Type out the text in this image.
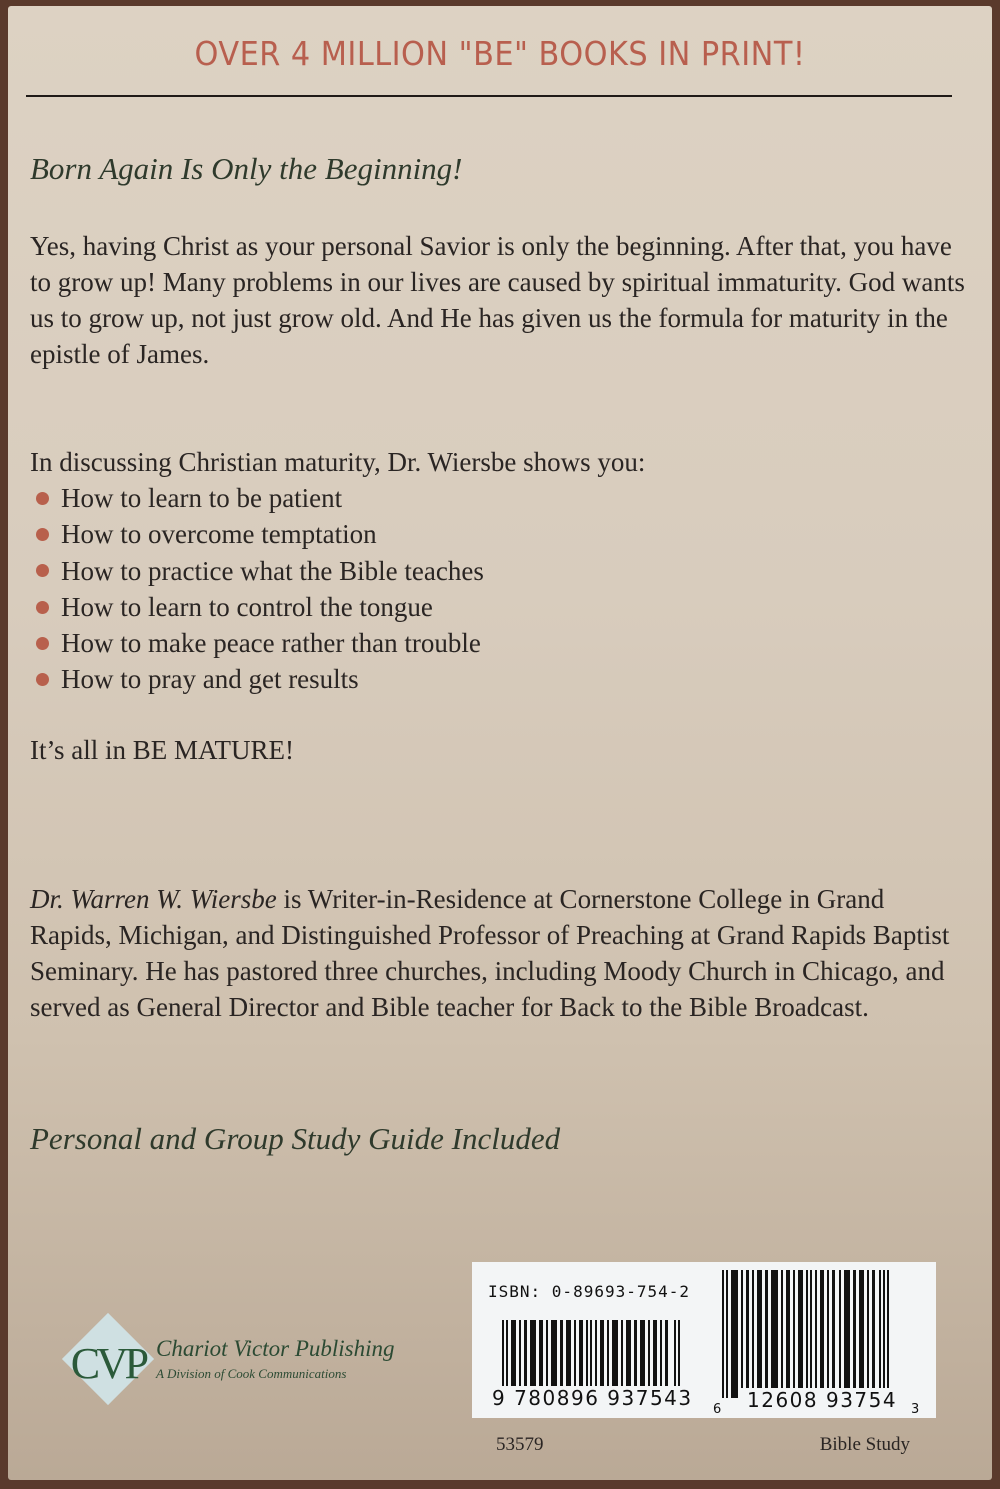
OVER 4 MILLION "BE" BOOKS IN PRINT!
Born Again Is Only the Beginning!

Yes, having Christ as your personal Savior is only the beginning. After that, you have to grow up! Many problems in our lives are caused by spiritual immaturity. God wants us to grow up, not just grow old. And He has given us the formula for maturity in the epistle of James.

In discussing Christian maturity, Dr. Wiersbe shows you:

How to learn to be patient
How to overcome temptation
How to practice what the Bible teaches
How to learn to control the tongue
How to make peace rather than trouble
How to pray and get results

It’s all in BE MATURE!

Dr. Warren W. Wiersbe is Writer-in-Residence at Cornerstone College in Grand Rapids, Michigan, and Distinguished Professor of Preaching at Grand Rapids Baptist Seminary. He has pastored three churches, including Moody Church in Chicago, and served as General Director and Bible teacher for Back to the Bible Broadcast.

Personal and Group Study Guide Included
CVP Chariot Victor Publishing
A Division of Cook Communications
ISBN: 0-89693-754-2
9 780896 937543 6 12608 93754 3
53579	Bible Study
